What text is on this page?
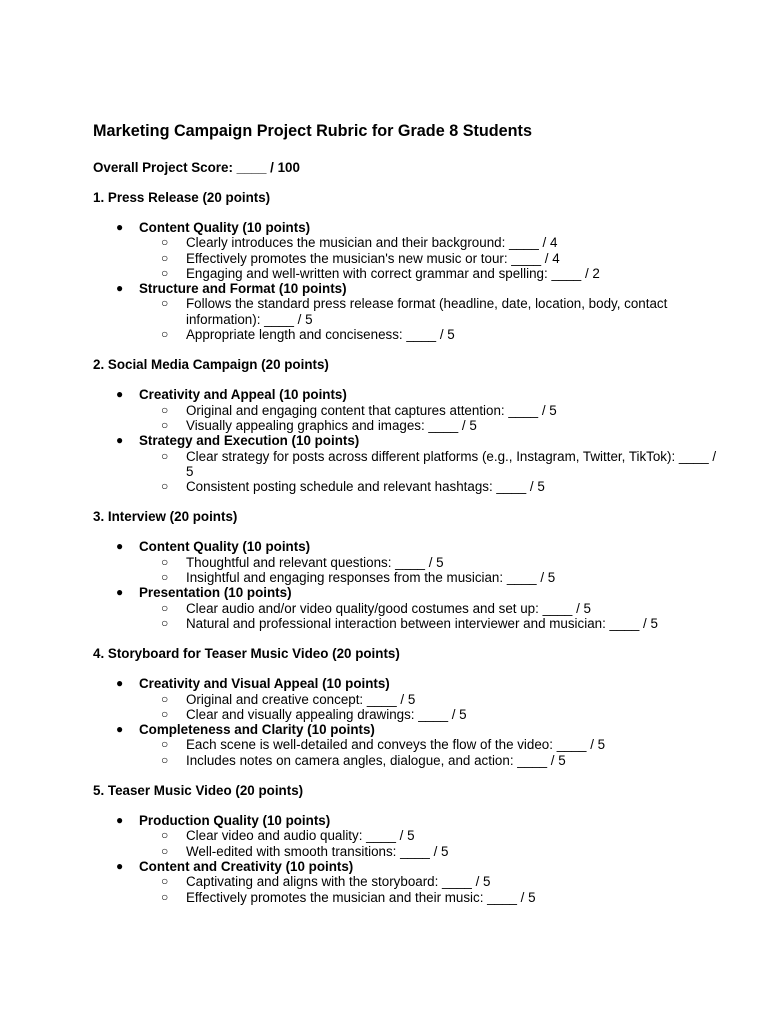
Marketing Campaign Project Rubric for Grade 8 Students
Overall Project Score: ____ / 100
1. Press Release (20 points)
● Content Quality (10 points)
○ Clearly introduces the musician and their background: ____ / 4
○ Effectively promotes the musician's new music or tour: ____ / 4
○ Engaging and well-written with correct grammar and spelling: ____ / 2
● Structure and Format (10 points)
○ Follows the standard press release format (headline, date, location, body, contact information): ____ / 5
○ Appropriate length and conciseness: ____ / 5
2. Social Media Campaign (20 points)
● Creativity and Appeal (10 points)
○ Original and engaging content that captures attention: ____ / 5
○ Visually appealing graphics and images: ____ / 5
● Strategy and Execution (10 points)
○ Clear strategy for posts across different platforms (e.g., Instagram, Twitter, TikTok): ____ / 5
○ Consistent posting schedule and relevant hashtags: ____ / 5
3. Interview (20 points)
● Content Quality (10 points)
○ Thoughtful and relevant questions: ____ / 5
○ Insightful and engaging responses from the musician: ____ / 5
● Presentation (10 points)
○ Clear audio and/or video quality/good costumes and set up: ____ / 5
○ Natural and professional interaction between interviewer and musician: ____ / 5
4. Storyboard for Teaser Music Video (20 points)
● Creativity and Visual Appeal (10 points)
○ Original and creative concept: ____ / 5
○ Clear and visually appealing drawings: ____ / 5
● Completeness and Clarity (10 points)
○ Each scene is well-detailed and conveys the flow of the video: ____ / 5
○ Includes notes on camera angles, dialogue, and action: ____ / 5
5. Teaser Music Video (20 points)
● Production Quality (10 points)
○ Clear video and audio quality: ____ / 5
○ Well-edited with smooth transitions: ____ / 5
● Content and Creativity (10 points)
○ Captivating and aligns with the storyboard: ____ / 5
○ Effectively promotes the musician and their music: ____ / 5
